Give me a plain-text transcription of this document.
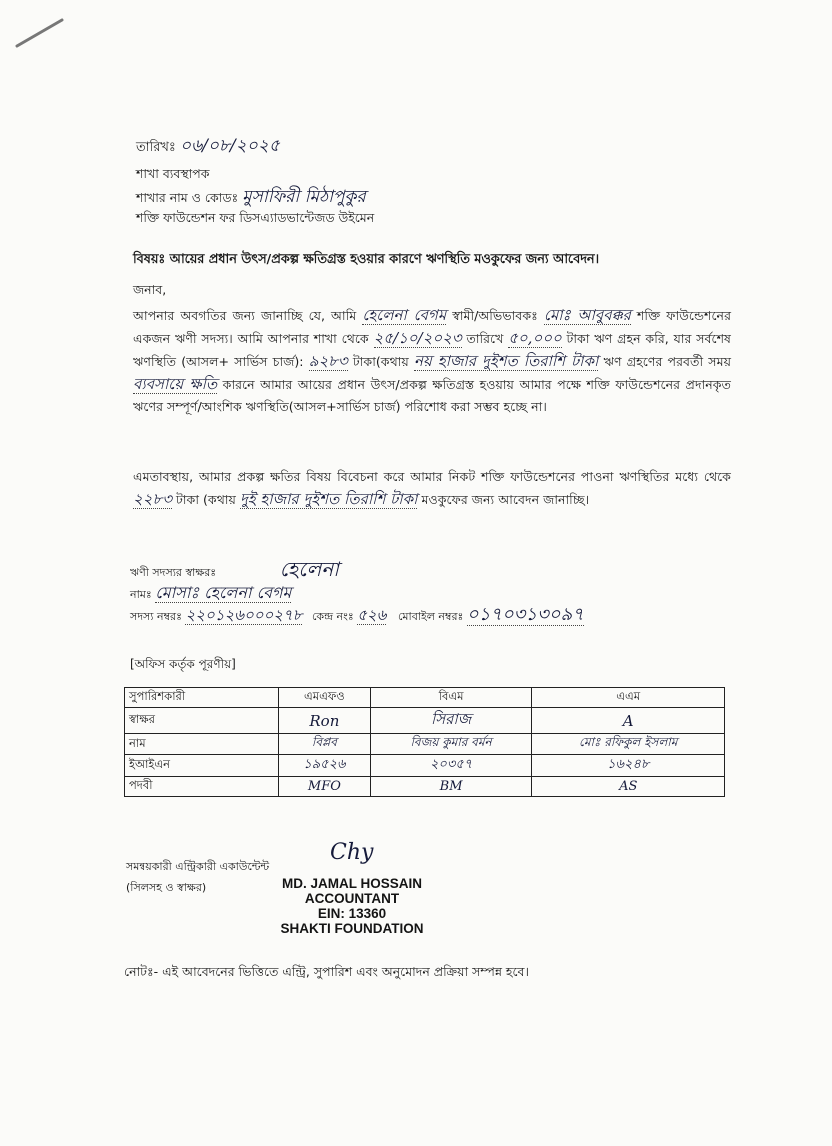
তারিখঃ ০৬/০৮/২০২৫
শাখা ব্যবস্থাপক
শাখার নাম ও কোডঃ মুসাফিরী মিঠাপুকুর
শক্তি ফাউন্ডেশন ফর ডিসএ্যাডভান্টেজড উইমেন
বিষয়ঃ আয়ের প্রধান উৎস/প্রকল্প ক্ষতিগ্রস্ত হওয়ার কারণে ঋণস্থিতি মওকুফের জন্য আবেদন।
জনাব,
আপনার অবগতির জন্য জানাচ্ছি যে, আমি হেলেনা বেগম স্বামী/অভিভাবকঃ মোঃ আবুবক্কর শক্তি ফাউন্ডেশনের একজন ঋণী সদস্য। আমি আপনার শাখা থেকে ২৫/১০/২০২৩ তারিখে ৫০,০০০ টাকা ঋণ গ্রহন করি, যার সর্বশেষ ঋণস্থিতি (আসল+ সার্ভিস চার্জ): ৯২৮৩ টাকা(কথায় নয় হাজার দুইশত তিরাশি টাকা ঋণ গ্রহণের পরবর্তী সময় ব্যবসায়ে ক্ষতি কারনে আমার আয়ের প্রধান উৎস/প্রকল্প ক্ষতিগ্রস্ত হওয়ায় আমার পক্ষে শক্তি ফাউন্ডেশনের প্রদানকৃত ঋণের সম্পূর্ণ/আংশিক ঋণস্থিতি(আসল+সার্ভিস চার্জ) পরিশোধ করা সম্ভব হচ্ছে না।
এমতাবস্থায়, আমার প্রকল্প ক্ষতির বিষয় বিবেচনা করে আমার নিকট শক্তি ফাউন্ডেশনের পাওনা ঋণস্থিতির মধ্যে থেকে ২২৮৩ টাকা (কথায় দুই হাজার দুইশত তিরাশি টাকা মওকুফের জন্য আবেদন জানাচ্ছি।
ঋণী সদস্যর স্বাক্ষরঃ	হেলেনা
নামঃ মোসাঃ হেলেনা বেগম
সদস্য নম্বরঃ ২২০১২৬০০০২৭৮ কেন্দ্র নংঃ ৫২৬ মোবাইল নম্বরঃ ০১৭০৩১৩০৯৭
[অফিস কর্তৃক পূরণীয়]
সুপারিশকারী	এমএফও	বিএম	এএম
স্বাক্ষর	Ron	সিরাজ	A
নাম	বিপ্লব	বিজয় কুমার বর্মন	মোঃ রফিকুল ইসলাম
ইআইএন	১৯৫২৬	২০৩৫৭	১৬২৪৮
পদবী	MFO	BM	AS
সমন্বয়কারী এন্ট্রিকারী একাউন্টেন্ট
(সিলসহ ও স্বাক্ষর)
Chy
MD. JAMAL HOSSAIN
ACCOUNTANT
EIN: 13360
SHAKTI FOUNDATION
নোটঃ- এই আবেদনের ভিত্তিতে এন্ট্রি, সুপারিশ এবং অনুমোদন প্রক্রিয়া সম্পন্ন হবে।
